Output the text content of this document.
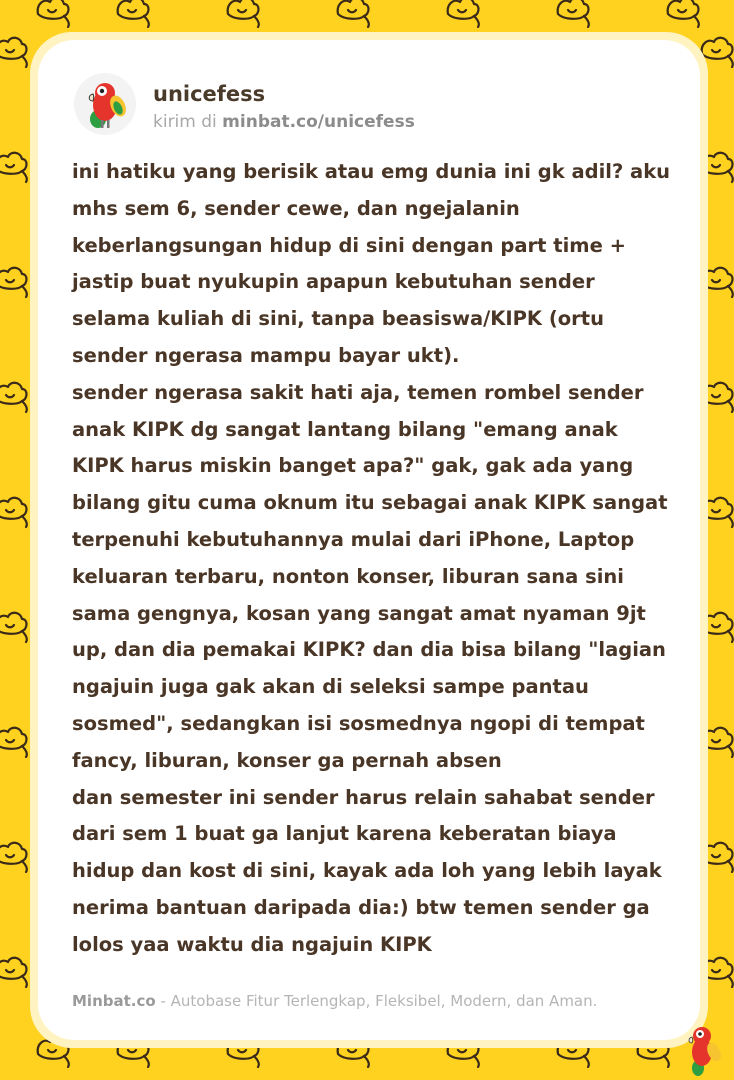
unicefess
kirim di minbat.co/unicefess

ini hatiku yang berisik atau emg dunia ini gk adil? aku mhs sem 6, sender cewe, dan ngejalanin keberlangsungan hidup di sini dengan part time + jastip buat nyukupin apapun kebutuhan sender selama kuliah di sini, tanpa beasiswa/KIPK (ortu sender ngerasa mampu bayar ukt).

sender ngerasa sakit hati aja, temen rombel sender anak KIPK dg sangat lantang bilang "emang anak KIPK harus miskin banget apa?" gak, gak ada yang bilang gitu cuma oknum itu sebagai anak KIPK sangat terpenuhi kebutuhannya mulai dari iPhone, Laptop keluaran terbaru, nonton konser, liburan sana sini sama gengnya, kosan yang sangat amat nyaman 9jt up, dan dia pemakai KIPK? dan dia bisa bilang "lagian ngajuin juga gak akan di seleksi sampe pantau sosmed", sedangkan isi sosmednya ngopi di tempat fancy, liburan, konser ga pernah absen

dan semester ini sender harus relain sahabat sender dari sem 1 buat ga lanjut karena keberatan biaya hidup dan kost di sini, kayak ada loh yang lebih layak nerima bantuan daripada dia:) btw temen sender ga lolos yaa waktu dia ngajuin KIPK

Minbat.co - Autobase Fitur Terlengkap, Fleksibel, Modern, dan Aman.
